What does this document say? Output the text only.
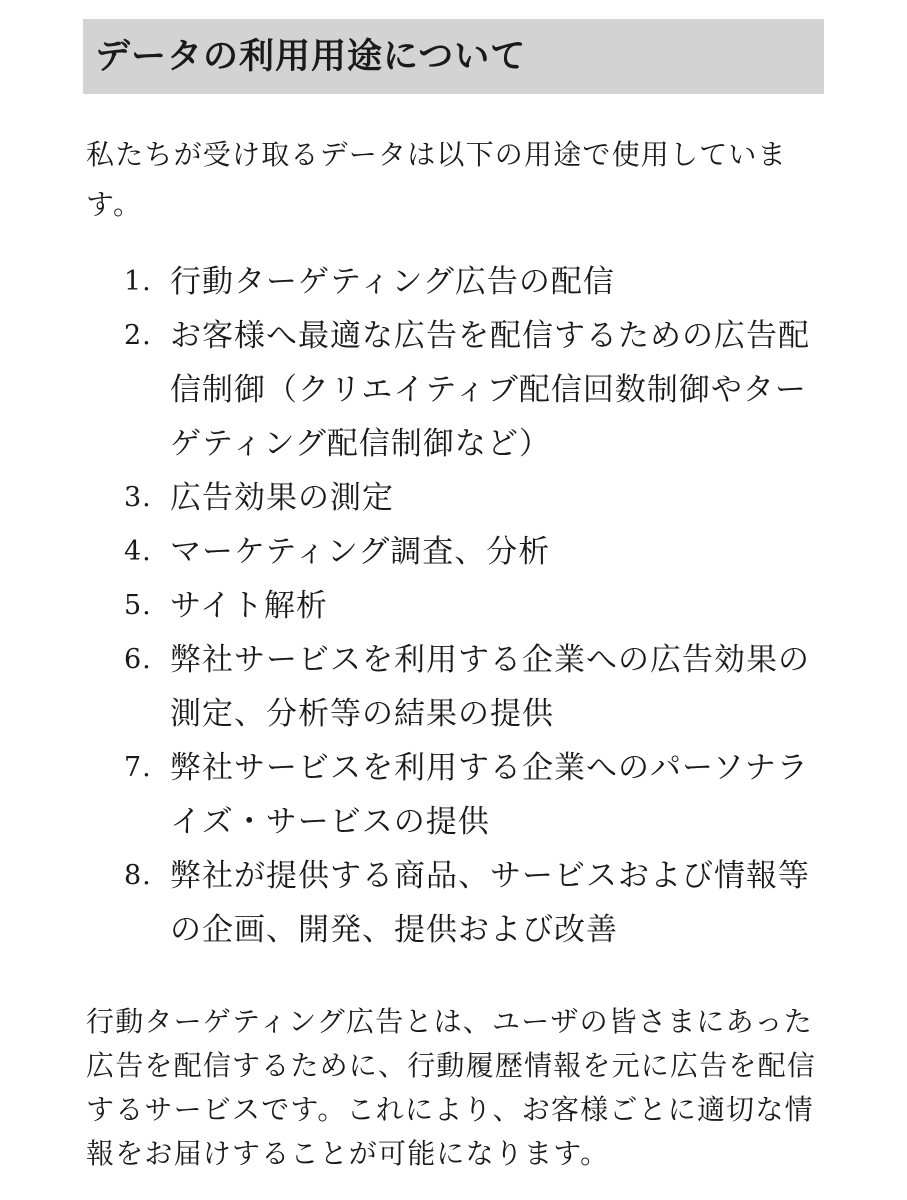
データの利用用途について

私たちが受け取るデータは以下の用途で使用しています。

1. 行動ターゲティング広告の配信
2. お客様へ最適な広告を配信するための広告配信制御（クリエイティブ配信回数制御やターゲティング配信制御など）
3. 広告効果の測定
4. マーケティング調査、分析
5. サイト解析
6. 弊社サービスを利用する企業への広告効果の測定、分析等の結果の提供
7. 弊社サービスを利用する企業へのパーソナライズ・サービスの提供
8. 弊社が提供する商品、サービスおよび情報等の企画、開発、提供および改善

行動ターゲティング広告とは、ユーザの皆さまにあった広告を配信するために、行動履歴情報を元に広告を配信するサービスです。これにより、お客様ごとに適切な情報をお届けすることが可能になります。
